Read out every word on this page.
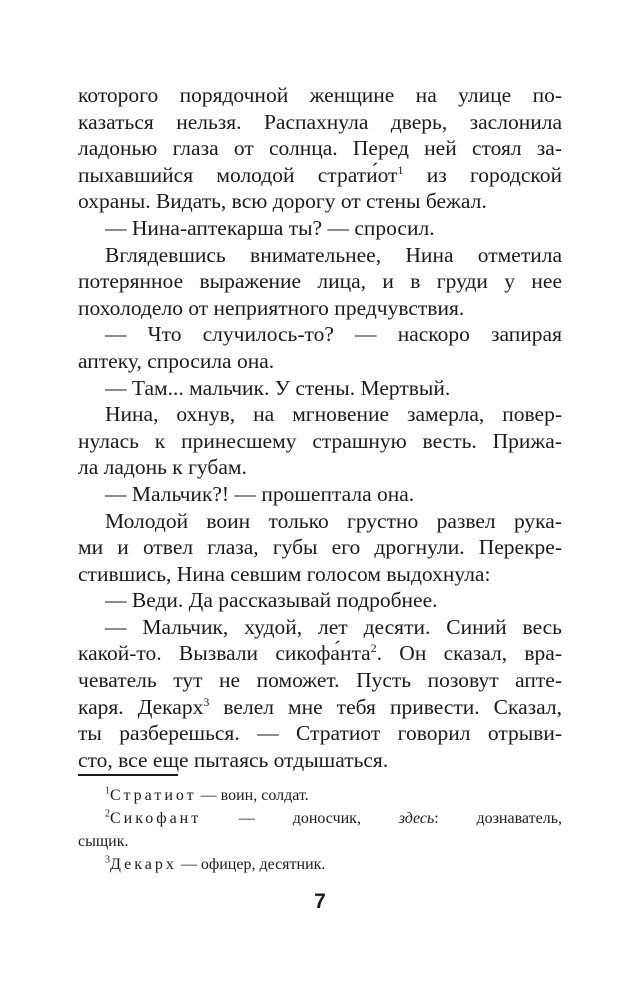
которого порядочной женщине на улице по-
казаться нельзя. Распахнула дверь, заслонила
ладонью глаза от солнца. Перед ней стоял за-
пыхавшийся молодой $страти́от^1$ из городской
охраны. Видать, всю дорогу от стены бежал.
— Нина-аптекарша ты? — спросил.
Вглядевшись внимательнее, Нина отметила
потерянное выражение лица, и в груди у нее
похолодело от неприятного предчувствия.
— Что случилось-то? — наскоро запирая
аптеку, спросила она.
— Там... мальчик. У стены. Мертвый.
Нина, охнув, на мгновение замерла, повер-
нулась к принесшему страшную весть. Прижа-
ла ладонь к губам.
— Мальчик?! — прошептала она.
Молодой воин только грустно развел рука-
ми и отвел глаза, губы его дрогнули. Перекре-
стившись, Нина севшим голосом выдохнула:
— Веди. Да рассказывай подробнее.
— Мальчик, худой, лет десяти. Синий весь
какой-то. Вызвали сикофа́нта$^2$. Он сказал, вра-
чеватель тут не поможет. Пусть позовут апте-
каря. Декарх$^3$ велел мне тебя привести. Сказал,
ты разберешься. — Стратиот говорил отрыви-
сто, все еще пытаясь отдышаться.
$^1$Стратиот — воин, солдат.
$^2$Сикофант — доносчик, здесь: дознаватель,
сыщик.
$^3$Декарх — офицер, десятник.
7
